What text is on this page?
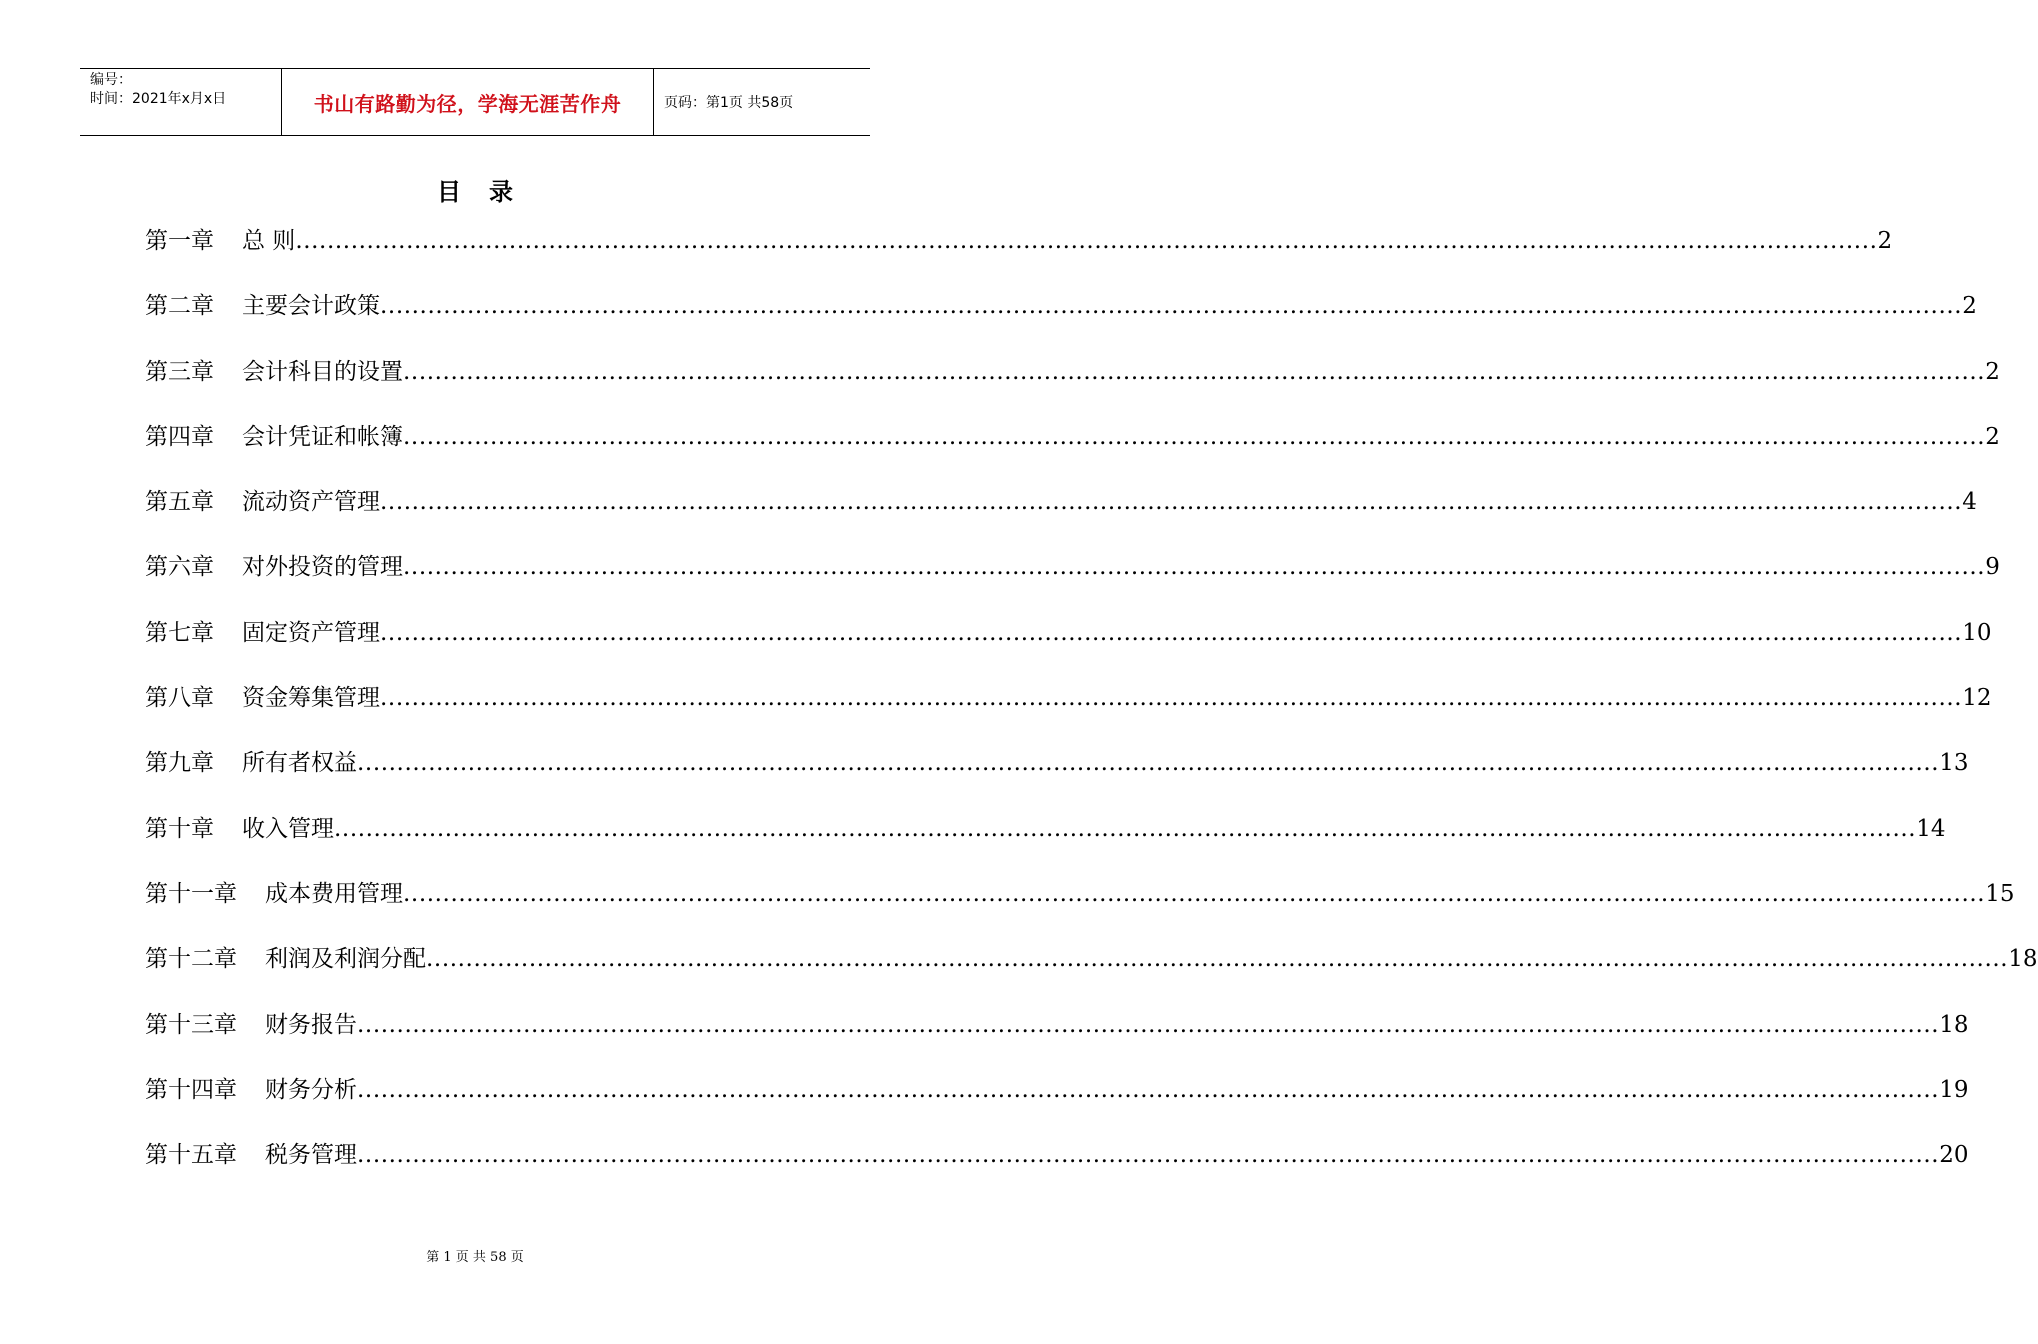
编号：
时间：2021年x月x日	书山有路勤为径，学海无涯苦作舟	页码：第1页 共58页
目录
第一章 总 则 ........................................................................................................................................................................................................ 2
第二章 主要会计政策 ........................................................................................................................................................................................................ 2
第三章 会计科目的设置 ........................................................................................................................................................................................................ 2
第四章 会计凭证和帐簿 ........................................................................................................................................................................................................ 2
第五章 流动资产管理 ........................................................................................................................................................................................................ 4
第六章 对外投资的管理 ........................................................................................................................................................................................................ 9
第七章 固定资产管理 ........................................................................................................................................................................................................ 10
第八章 资金筹集管理 ........................................................................................................................................................................................................ 12
第九章 所有者权益 ........................................................................................................................................................................................................ 13
第十章 收入管理 ........................................................................................................................................................................................................ 14
第十一章 成本费用管理 ........................................................................................................................................................................................................ 15
第十二章 利润及利润分配 ........................................................................................................................................................................................................ 18
第十三章 财务报告 ........................................................................................................................................................................................................ 18
第十四章 财务分析 ........................................................................................................................................................................................................ 19
第十五章 税务管理 ........................................................................................................................................................................................................ 20
第 1 页 共 58 页
